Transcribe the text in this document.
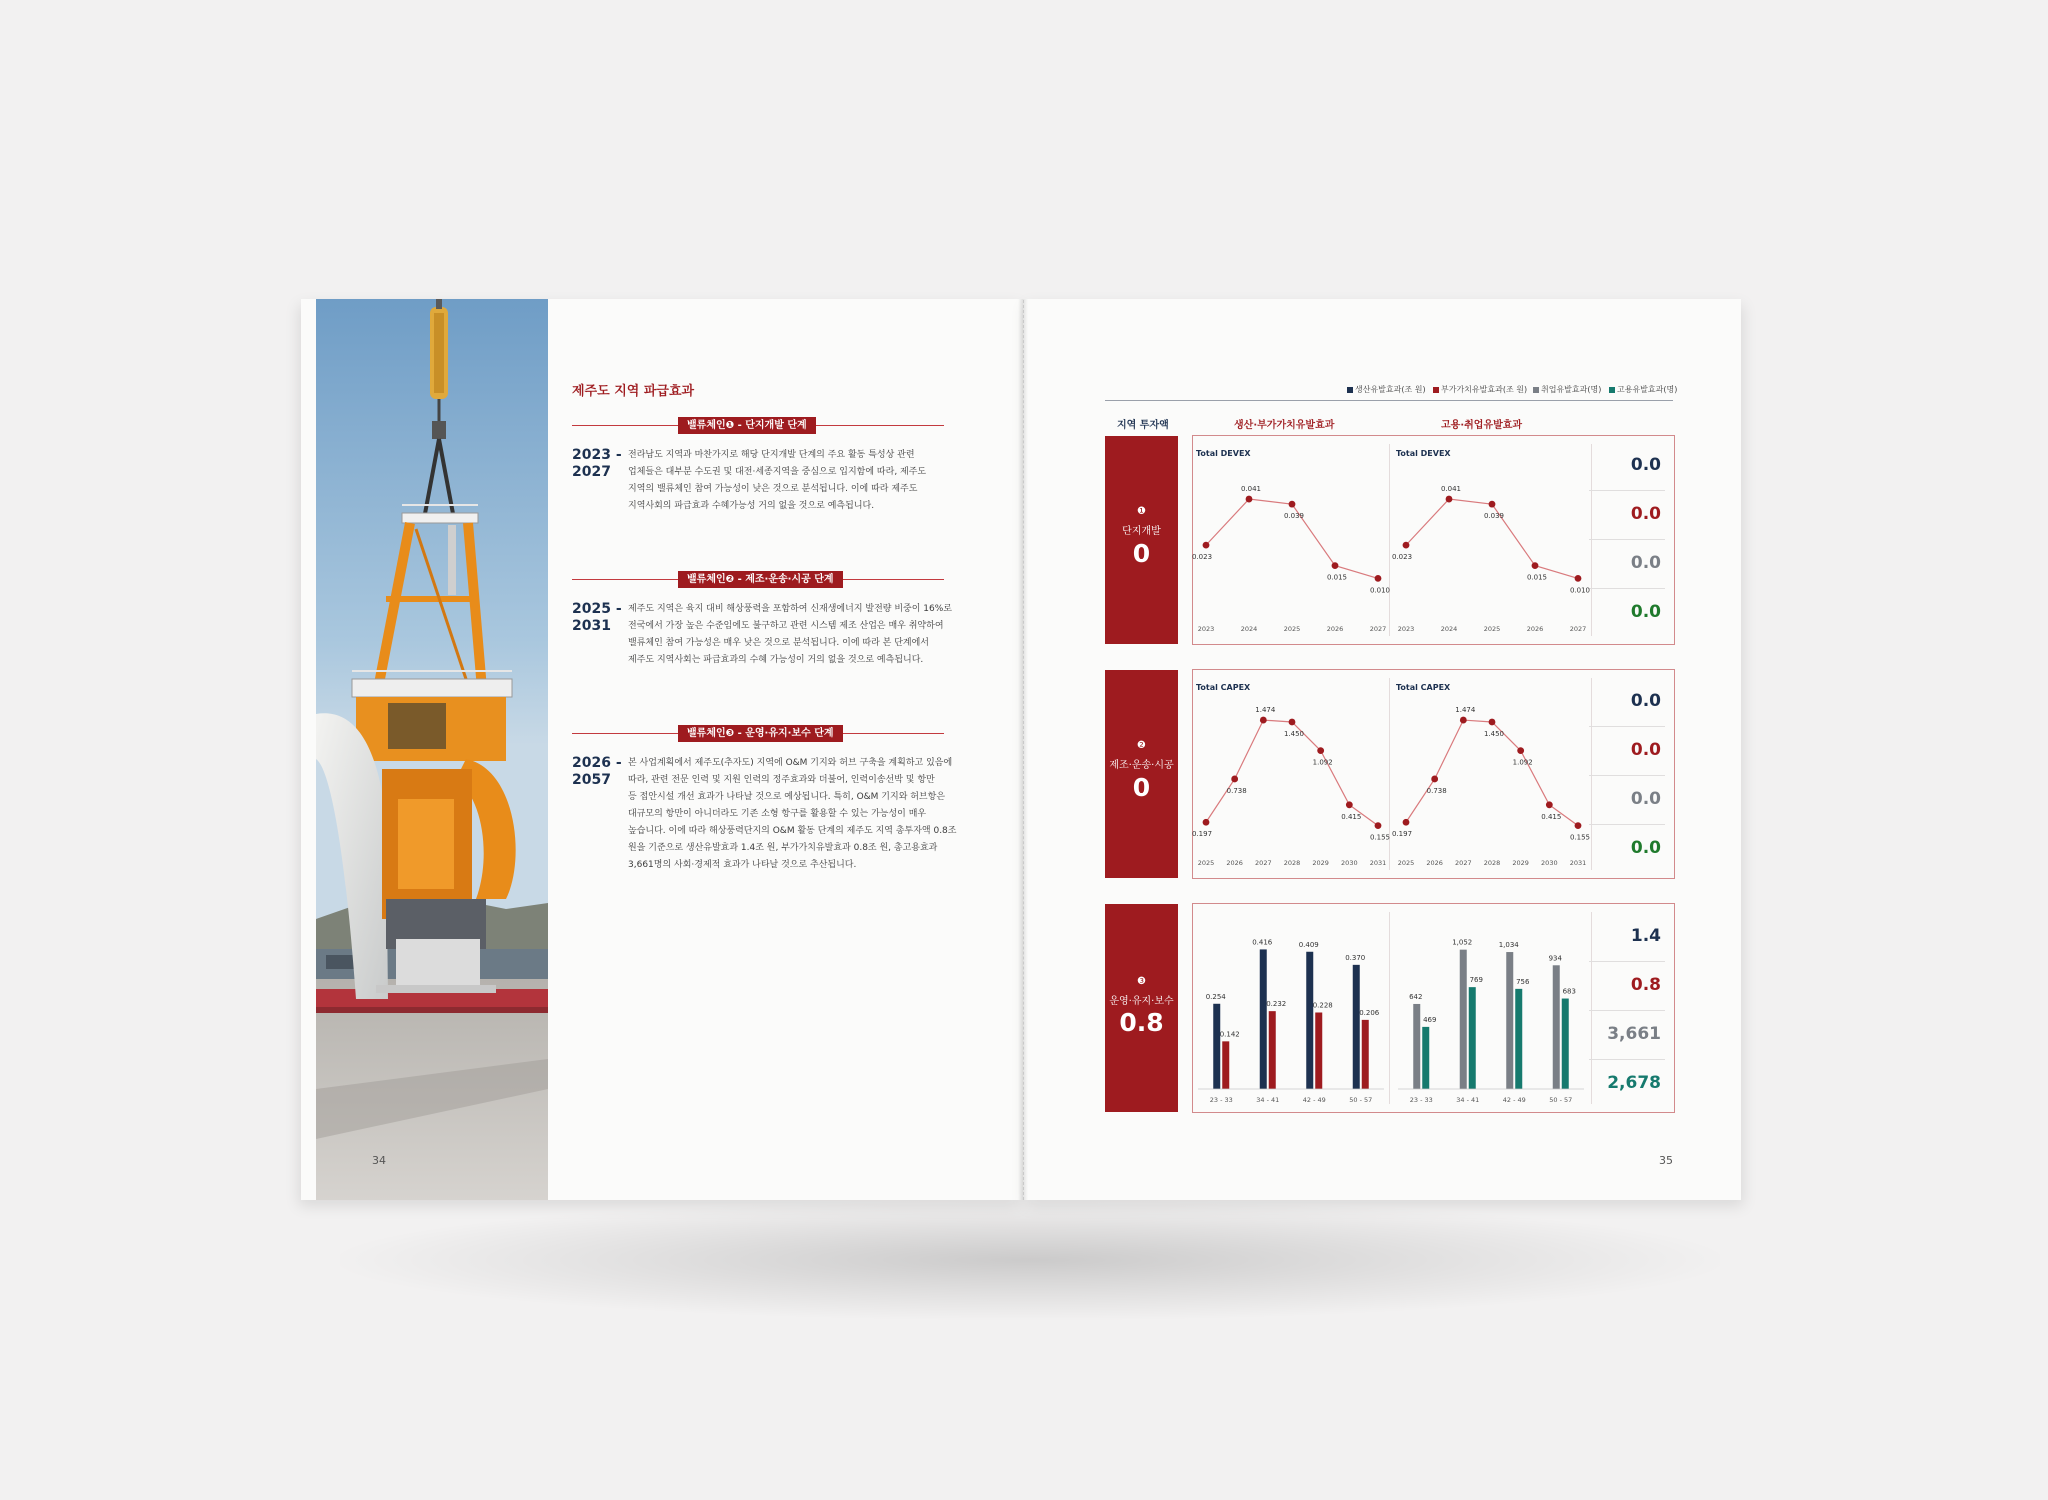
제주도 지역 파급효과
밸류체인❶ - 단지개발 단계
2023 -
2027
전라남도 지역과 마찬가지로 해당 단지개발 단계의 주요 활동 특성상 관련
업체들은 대부분 수도권 및 대전·세종지역을 중심으로 입지함에 따라, 제주도
지역의 밸류체인 참여 가능성이 낮은 것으로 분석됩니다. 이에 따라 제주도
지역사회의 파급효과 수혜가능성 거의 없을 것으로 예측됩니다.
밸류체인❷ - 제조·운송·시공 단계
2025 -
2031
제주도 지역은 육지 대비 해상풍력을 포함하여 신재생에너지 발전량 비중이 16%로
전국에서 가장 높은 수준임에도 불구하고 관련 시스템 제조 산업은 매우 취약하여
밸류체인 참여 가능성은 매우 낮은 것으로 분석됩니다. 이에 따라 본 단계에서
제주도 지역사회는 파급효과의 수혜 가능성이 거의 없을 것으로 예측됩니다.
밸류체인❸ - 운영·유지·보수 단계
2026 -
2057
본 사업계획에서 제주도(추자도) 지역에 O&M 기지와 허브 구축을 계획하고 있음에
따라, 관련 전문 인력 및 지원 인력의 정주효과와 더불어, 인력이송선박 및 항만
등 접안시설 개선 효과가 나타날 것으로 예상됩니다. 특히, O&M 기지와 허브항은
대규모의 항만이 아니더라도 기존 소형 항구를 활용할 수 있는 가능성이 매우
높습니다. 이에 따라 해상풍력단지의 O&M 활동 단계의 제주도 지역 총투자액 0.8조
원을 기준으로 생산유발효과 1.4조 원, 부가가치유발효과 0.8조 원, 총고용효과
3,661명의 사회·경제적 효과가 나타날 것으로 추산됩니다.
34
생산유발효과(조 원) 부가가치유발효과(조 원) 취업유발효과(명) 고용유발효과(명)
지역 투자액	생산·부가가치유발효과	고용·취업유발효과
❶
단지개발
0
❷
제조·운송·시공
0
❸
운영·유지·보수
0.8
0.0
0.0
0.0
0.0
0.0
0.0
0.0
0.0
1.4
0.8
3,661
2,678
Total DEVEX
0.023
2023
0.041
2024
0.039
2025
0.015
2026
0.010
2027
Total DEVEX
0.023
2023
0.041
2024
0.039
2025
0.015
2026
0.010
2027
Total CAPEX
0.197
2025
0.738
2026
1.474
2027
1.450
2028
1.092
2029
0.415
2030
0.155
2031
Total CAPEX
0.197
2025
0.738
2026
1.474
2027
1.450
2028
1.092
2029
0.415
2030
0.155
2031
0.254
0.142
23 - 33
0.416
0.232
34 - 41
0.409
0.228
42 - 49
0.370
0.206
50 - 57
642
469
23 - 33
1,052
769
34 - 41
1,034
756
42 - 49
934
683
50 - 57
35
